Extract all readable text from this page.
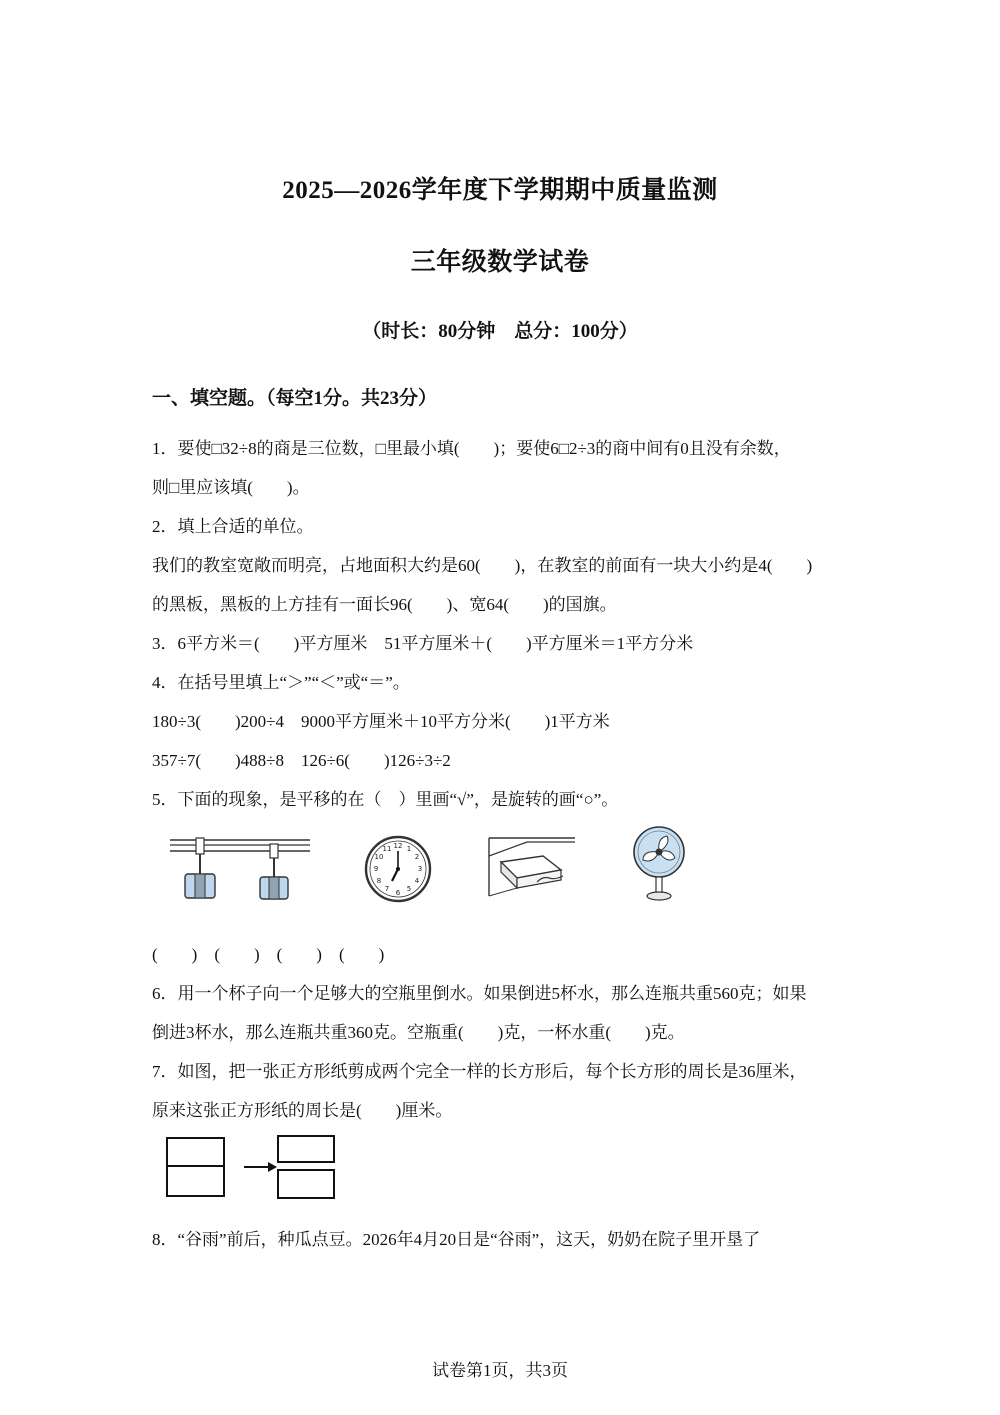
2025—2026学年度下学期期中质量监测
三年级数学试卷
（时长：80分钟　总分：100分）
一、填空题。（每空1分。共23分）
1．要使□32÷8的商是三位数，□里最小填(　　)；要使6□2÷3的商中间有0且没有余数，
则□里应该填(　　)。
2．填上合适的单位。
我们的教室宽敞而明亮，占地面积大约是60(　　)，在教室的前面有一块大小约是4(　　)
的黑板，黑板的上方挂有一面长96(　　)、宽64(　　)的国旗。
3．6平方米＝(　　)平方厘米　51平方厘米＋(　　)平方厘米＝1平方分米
4．在括号里填上“＞”“＜”或“＝”。
180÷3(　　)200÷4　9000平方厘米＋10平方分米(　　)1平方米
357÷7(　　)488÷8　126÷6(　　)126÷3÷2
5．下面的现象，是平移的在（　）里画“√”，是旋转的画“○”。
12 1
2
3
4
5
6
7
8
9
10
11
(　　)　(　　)　(　　)　(　　)
6．用一个杯子向一个足够大的空瓶里倒水。如果倒进5杯水，那么连瓶共重560克；如果
倒进3杯水，那么连瓶共重360克。空瓶重(　　)克，一杯水重(　　)克。
7．如图，把一张正方形纸剪成两个完全一样的长方形后，每个长方形的周长是36厘米，
原来这张正方形纸的周长是(　　)厘米。
8．“谷雨”前后，种瓜点豆。2026年4月20日是“谷雨”，这天，奶奶在院子里开垦了
试卷第1页，共3页
